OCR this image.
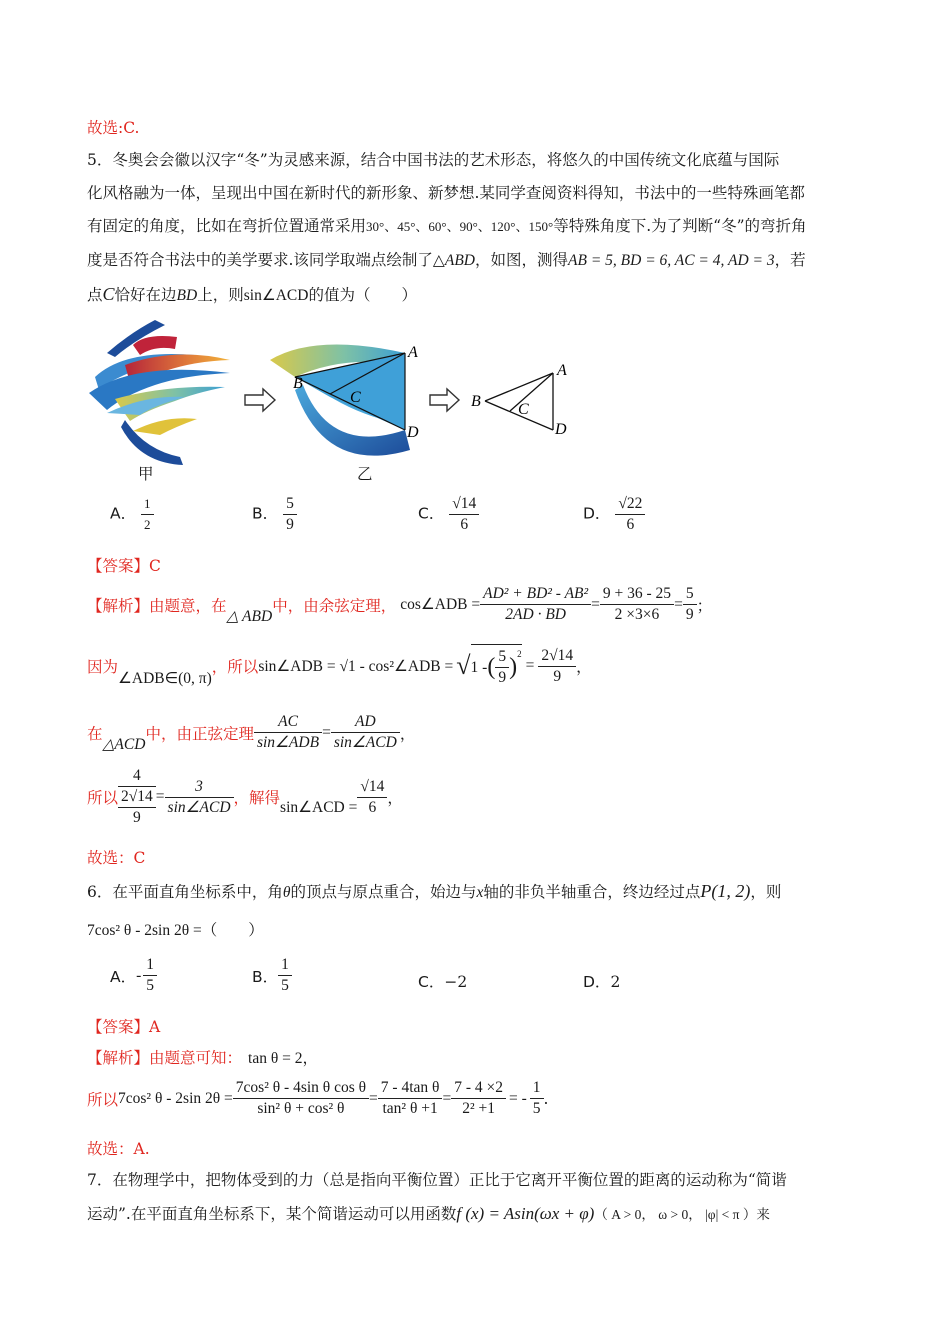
故选:C.
5．冬奥会会徽以汉字“冬”为灵感来源，结合中国书法的艺术形态，将悠久的中国传统文化底蕴与国际
化风格融为一体，呈现出中国在新时代的新形象、新梦想.某同学查阅资料得知，书法中的一些特殊画笔都
有固定的角度，比如在弯折位置通常采用30°、45°、60°、90°、120°、150°等特殊角度下.为了判断“冬”的弯折角
度是否符合书法中的美学要求.该同学取端点绘制了△ABD，如图，测得AB = 5, BD = 6, AC = 4, AD = 3，若
点C恰好在边BD上，则sin∠ACD的值为（　　）
A
B
C
D
A
B C
D
甲	乙
A． $\frac{1}{2}$	B． $\frac{5}{9}$	C． $\frac{√14}{6}$	D． $\frac{√22}{6}$
【答案】C
【解析】 由题意，在
△ ABD
中，由余弦定理， cos∠ADB = $\frac{\text{AD² + BD² - AB²}}{2AD \cdot BD} = \frac{9 + 36 - 25}{2 \times 3\times 6} = \frac{5}{9}$ ；
因为
∠ADB∈(0, π)
，所以 sin∠ADB = √1 - cos²∠ADB = √ 1 - ( $\frac{5}{9}$ )
2
= $\frac{2√14}{9}$ ，
在
△ACD
中，由正弦定理 $\frac{AC}{\text{sin∠ADB}} = \frac{AD}{\text{sin∠ACD}}$ ，
所以 $\frac{4}{\frac{2√14}{9}} = \frac{3}{\text{sin∠ACD}}$ ，解得 sin∠ACD = $\frac{√14}{6}$ ，
故选：C
6．在平面直角坐标系中，角θ的顶点与原点重合，始边与x轴的非负半轴重合，终边经过点P(1, 2)，则
7cos² θ - 2sin 2θ =（　　）
A． - $\frac{1}{5}$	B． $\frac{1}{5}$	C．−2	D．2
【答案】A
【解析】由题意可知： tan θ = 2，
所以 7cos² θ - 2sin $2\theta = \frac{\text{7cos² θ - 4sin θ cos θ}}{\text{sin² θ + cos² θ}} = \frac{\text{7 - 4tan θ}}{\text{tan² θ +1}} = \frac{7 - 4 \times 2}{\text{2² +1}}$ = - $\frac{1}{5}$ .
故选：A.
7．在物理学中，把物体受到的力（总是指向平衡位置）正比于它离开平衡位置的距离的运动称为“简谐
运动”.在平面直角坐标系下，某个简谐运动可以用函数f (x) = Asin(ωx + φ)（ A > 0， ω > 0， |φ| < π ）来
